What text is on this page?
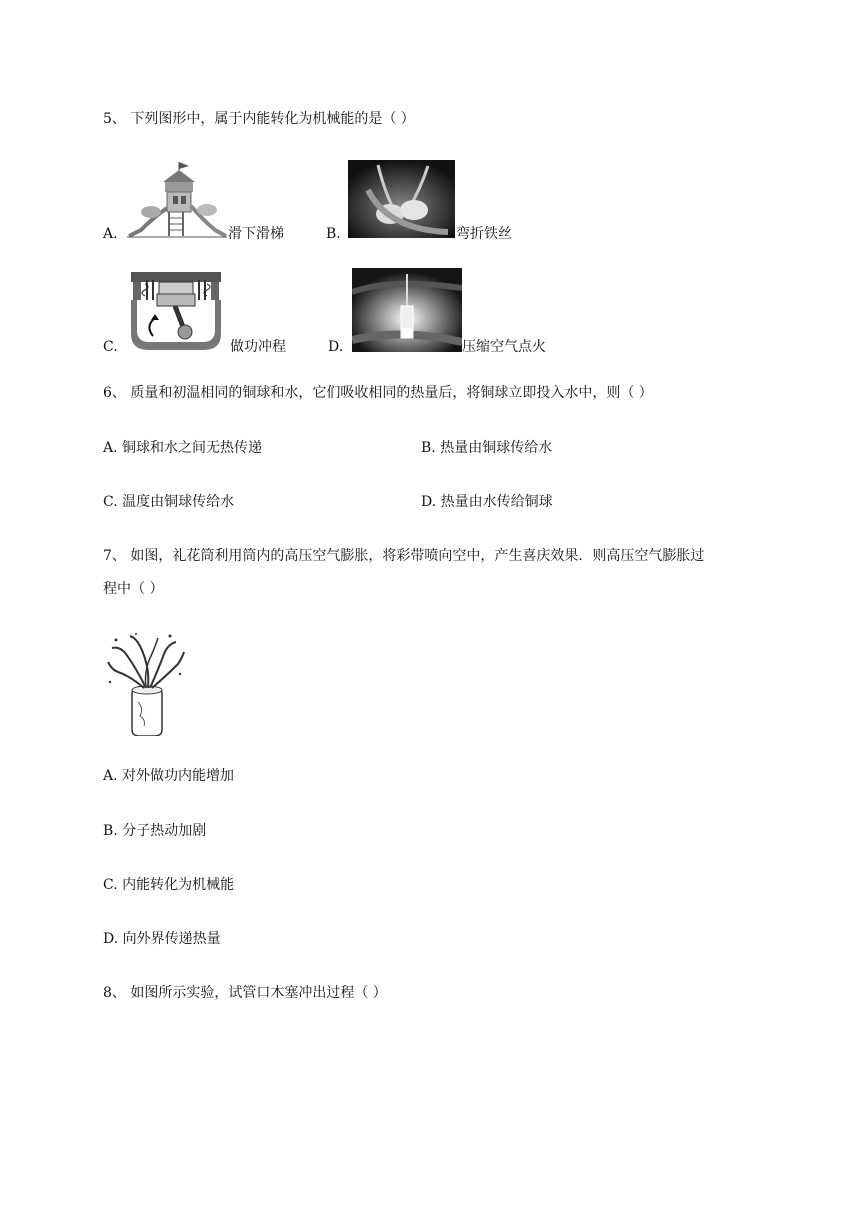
5、 下列图形中，属于内能转化为机械能的是（ ）
A.	滑下滑梯	B.	弯折铁丝
C.	做功冲程	D.	压缩空气点火
6、 质量和初温相同的铜球和水，它们吸收相同的热量后，将铜球立即投入水中，则（ ）
A. 铜球和水之间无热传递	B. 热量由铜球传给水
C. 温度由铜球传给水	D. 热量由水传给铜球
7、 如图，礼花筒利用筒内的高压空气膨胀，将彩带喷向空中，产生喜庆效果．则高压空气膨胀过
程中（ ）
A. 对外做功内能增加
B. 分子热动加剧
C. 内能转化为机械能
D. 向外界传递热量
8、 如图所示实验，试管口木塞冲出过程（ ）
